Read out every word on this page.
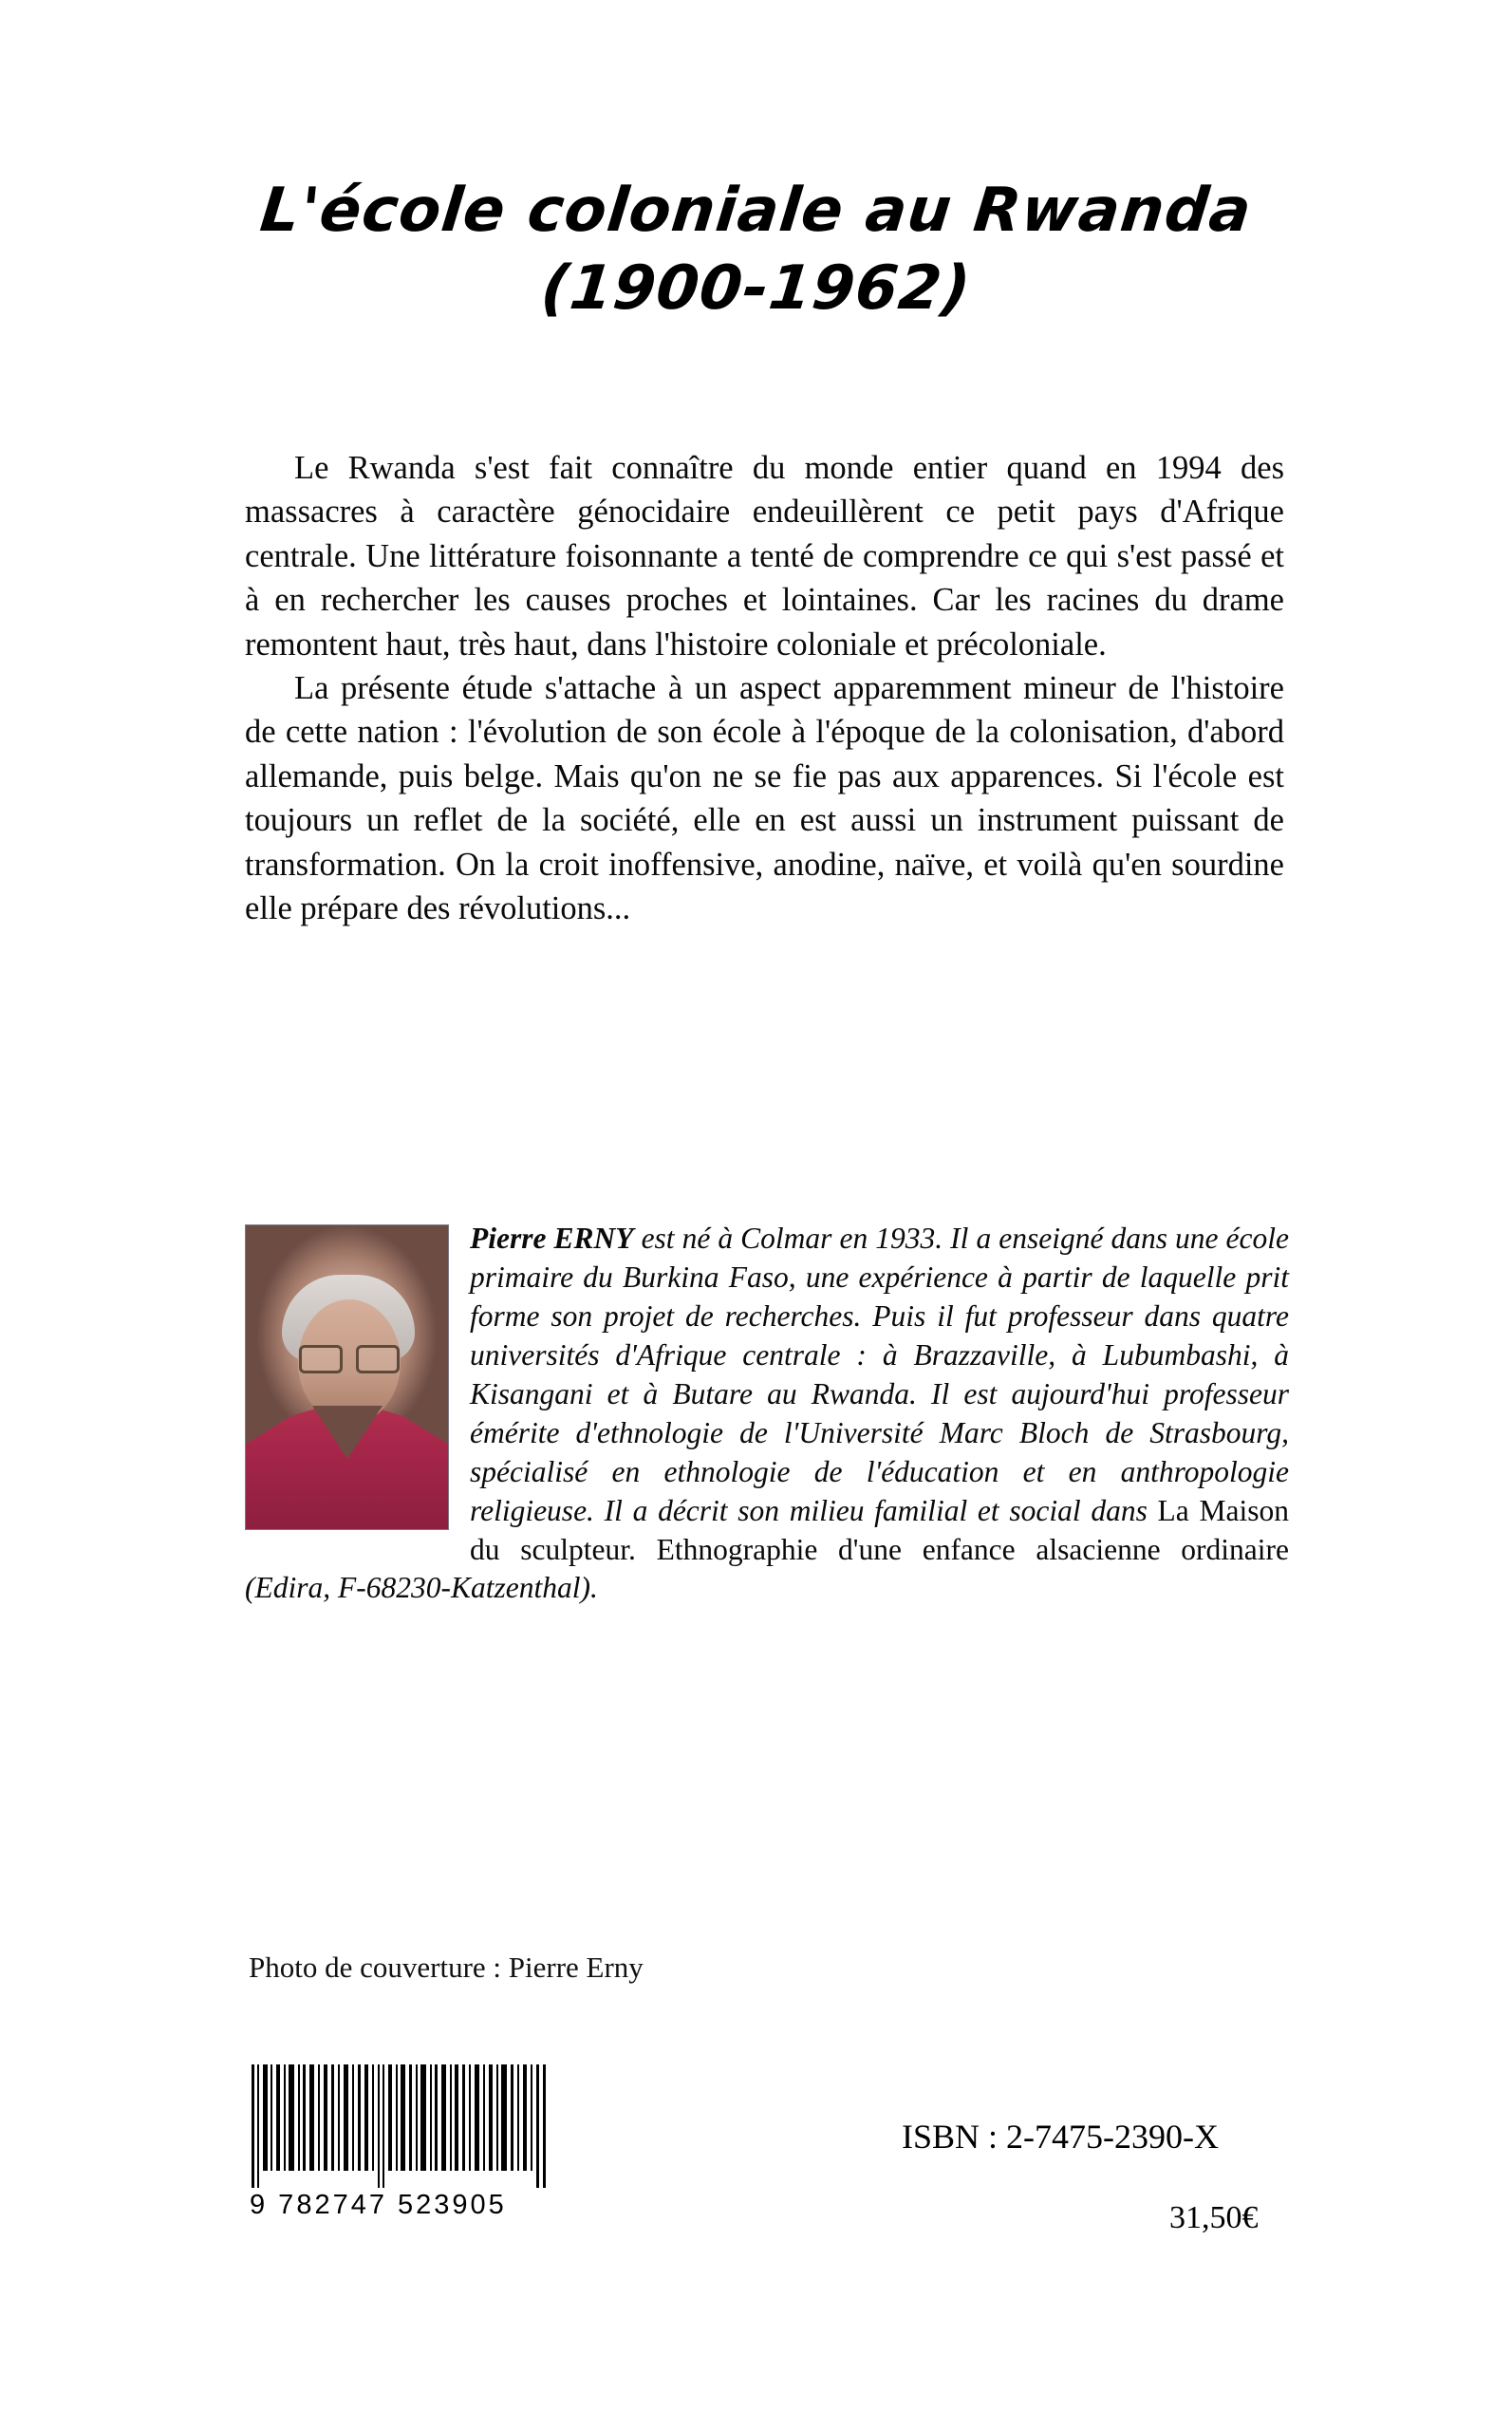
L'école coloniale au Rwanda
(1900-1962)

Le Rwanda s'est fait connaître du monde entier quand en 1994 des massacres à caractère génocidaire endeuillèrent ce petit pays d'Afrique centrale. Une littérature foisonnante a tenté de comprendre ce qui s'est passé et à en rechercher les causes proches et lointaines. Car les racines du drame remontent haut, très haut, dans l'histoire coloniale et précoloniale.

La présente étude s'attache à un aspect apparemment mineur de l'histoire de cette nation : l'évolution de son école à l'époque de la colonisation, d'abord allemande, puis belge. Mais qu'on ne se fie pas aux apparences. Si l'école est toujours un reflet de la société, elle en est aussi un instrument puissant de transformation. On la croit inoffensive, anodine, naïve, et voilà qu'en sourdine elle prépare des révolutions...

Pierre ERNY est né à Colmar en 1933. Il a enseigné dans une école primaire du Burkina Faso, une expérience à partir de laquelle prit forme son projet de recherches. Puis il fut professeur dans quatre universités d'Afrique centrale : à Brazzaville, à Lubumbashi, à Kisangani et à Butare au Rwanda. Il est aujourd'hui professeur émérite d'ethnologie de l'Université Marc Bloch de Strasbourg, spécialisé en ethnologie de l'éducation et en anthropologie religieuse. Il a décrit son milieu familial et social dans La Maison du sculpteur. Ethnographie d'une enfance alsacienne ordinaire (Edira, F-68230-Katzenthal).
Photo de couverture : Pierre Erny
9 782747 523905
ISBN : 2-7475-2390-X
31,50€
